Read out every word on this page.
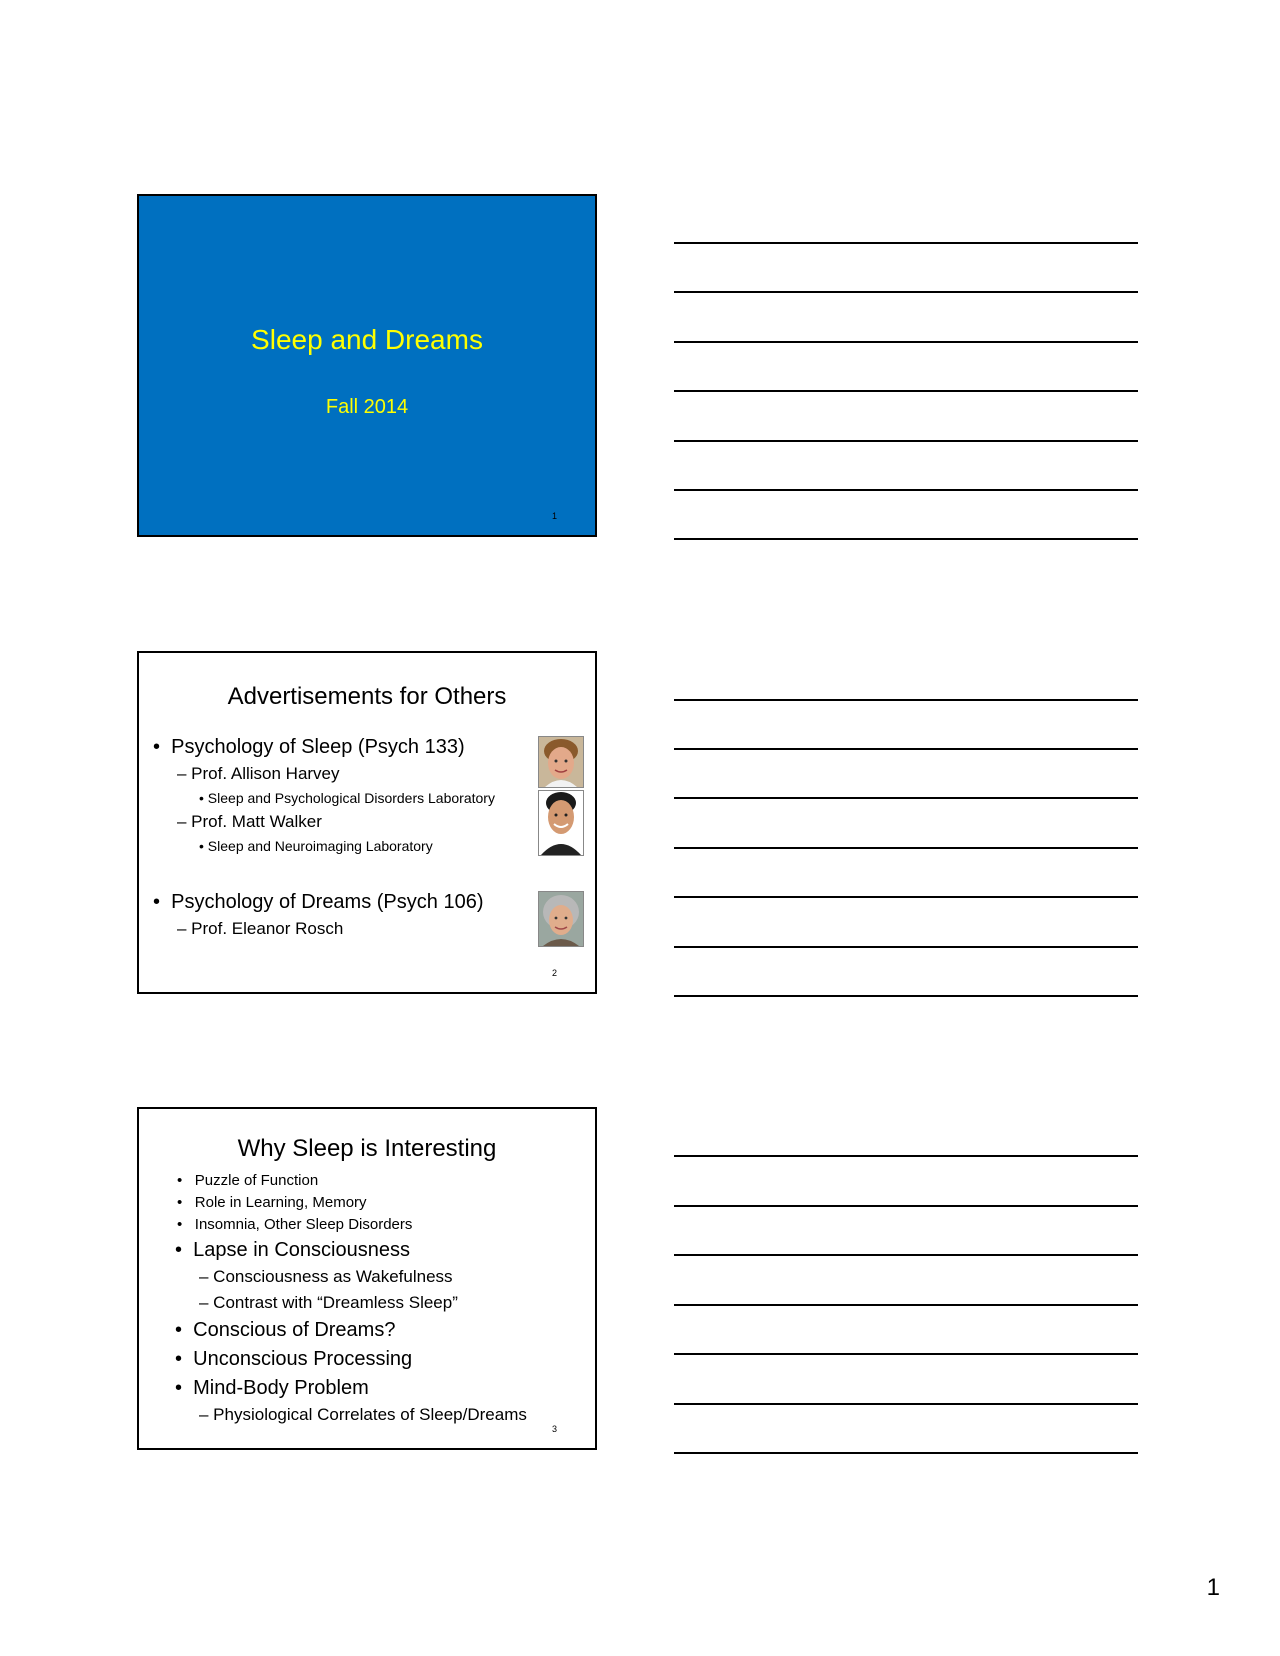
Sleep and Dreams
Fall 2014
1
Advertisements for Others
• Psychology of Sleep (Psych 133)
– Prof. Allison Harvey
• Sleep and Psychological Disorders Laboratory
– Prof. Matt Walker
• Sleep and Neuroimaging Laboratory
• Psychology of Dreams (Psych 106)
– Prof. Eleanor Rosch
2
Why Sleep is Interesting
• Puzzle of Function
• Role in Learning, Memory
• Insomnia, Other Sleep Disorders
• Lapse in Consciousness
– Consciousness as Wakefulness
– Contrast with “Dreamless Sleep”
• Conscious of Dreams?
• Unconscious Processing
• Mind-Body Problem
– Physiological Correlates of Sleep/Dreams
3
1
